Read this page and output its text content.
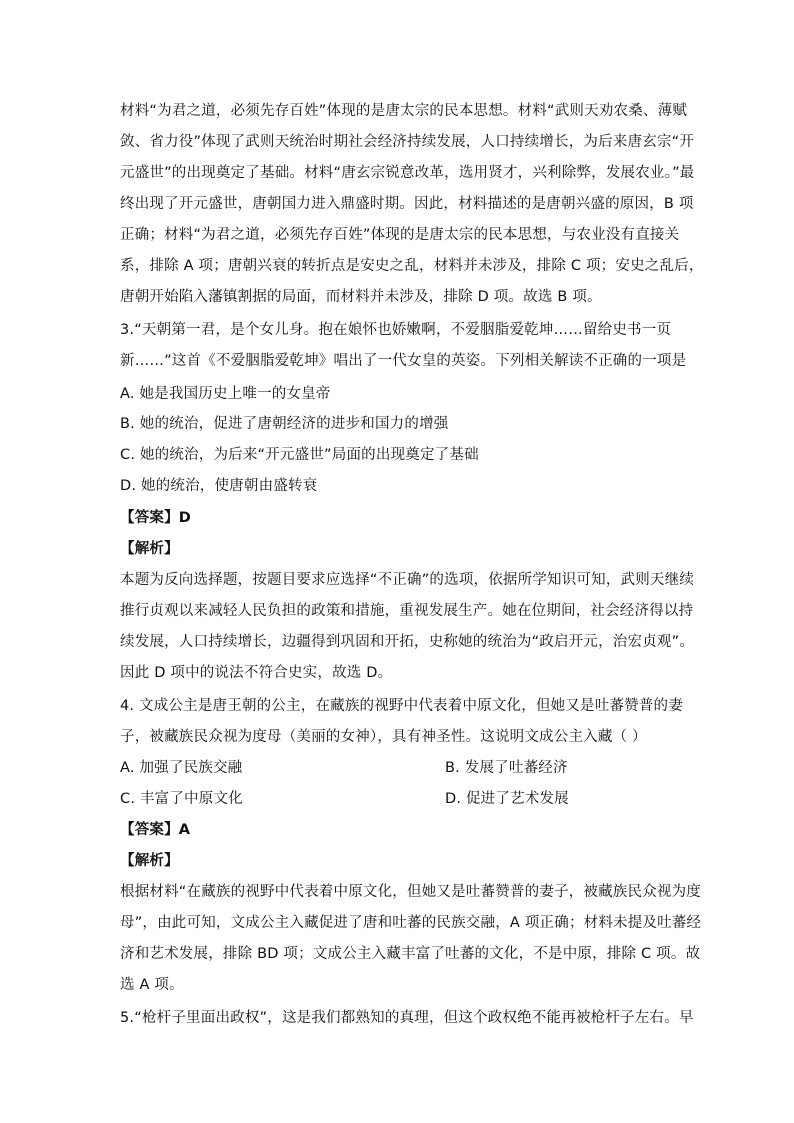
材料“为君之道，必须先存百姓”体现的是唐太宗的民本思想。材料“武则天劝农桑、薄赋
敛、省力役”体现了武则天统治时期社会经济持续发展，人口持续增长，为后来唐玄宗“开
元盛世”的出现奠定了基础。材料“唐玄宗锐意改革，选用贤才，兴利除弊，发展农业。”最
终出现了开元盛世，唐朝国力进入鼎盛时期。因此，材料描述的是唐朝兴盛的原因，B 项
正确；材料“为君之道，必须先存百姓”体现的是唐太宗的民本思想，与农业没有直接关
系，排除 A 项；唐朝兴衰的转折点是安史之乱，材料并未涉及，排除 C 项；安史之乱后，
唐朝开始陷入藩镇割据的局面，而材料并未涉及，排除 D 项。故选 B 项。
3.“天朝第一君，是个女儿身。抱在娘怀也娇嫩啊，不爱胭脂爱乾坤……留给史书一页
新……”这首《不爱胭脂爱乾坤》唱出了一代女皇的英姿。下列相关解读不正确的一项是
A. 她是我国历史上唯一的女皇帝
B. 她的统治，促进了唐朝经济的进步和国力的增强
C. 她的统治，为后来“开元盛世”局面的出现奠定了基础
D. 她的统治，使唐朝由盛转衰
【答案】D
【解析】
本题为反向选择题，按题目要求应选择“不正确”的选项，依据所学知识可知，武则天继续
推行贞观以来减轻人民负担的政策和措施，重视发展生产。她在位期间，社会经济得以持
续发展，人口持续增长，边疆得到巩固和开拓，史称她的统治为“政启开元，治宏贞观”。
因此 D 项中的说法不符合史实，故选 D。
4. 文成公主是唐王朝的公主，在藏族的视野中代表着中原文化，但她又是吐蕃赞普的妻
子，被藏族民众视为度母（美丽的女神），具有神圣性。这说明文成公主入藏（ ）
A. 加强了民族交融	B. 发展了吐蕃经济
C. 丰富了中原文化	D. 促进了艺术发展
【答案】A
【解析】
根据材料“在藏族的视野中代表着中原文化，但她又是吐蕃赞普的妻子，被藏族民众视为度
母”，由此可知，文成公主入藏促进了唐和吐蕃的民族交融，A 项正确；材料未提及吐蕃经
济和艺术发展，排除 BD 项；文成公主入藏丰富了吐蕃的文化，不是中原，排除 C 项。故
选 A 项。
5.“枪杆子里面出政权”，这是我们都熟知的真理，但这个政权绝不能再被枪杆子左右。早
